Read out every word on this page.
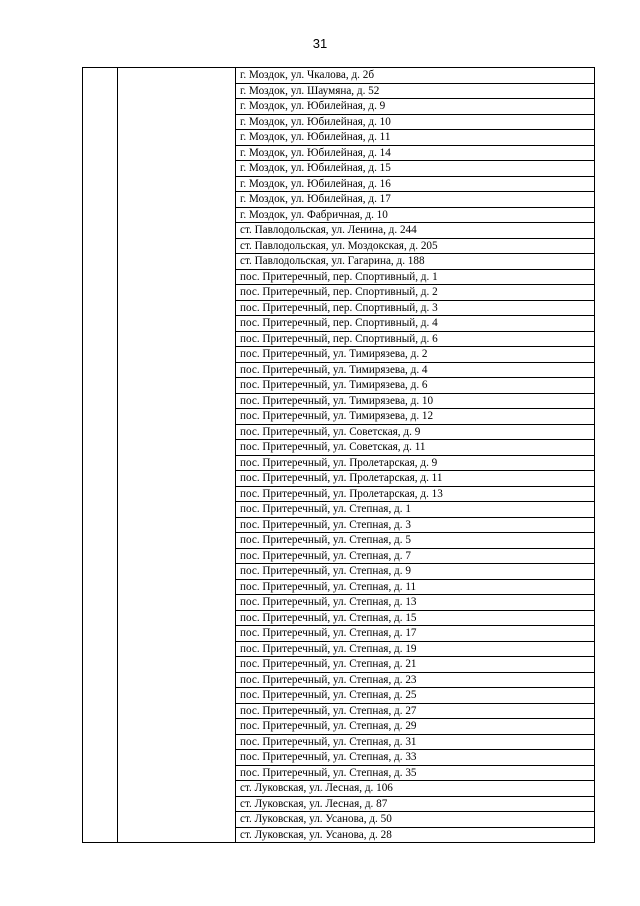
31
		г. Моздок, ул. Чкалова, д. 2б
г. Моздок, ул. Шаумяна, д. 52
г. Моздок, ул. Юбилейная, д. 9
г. Моздок, ул. Юбилейная, д. 10
г. Моздок, ул. Юбилейная, д. 11
г. Моздок, ул. Юбилейная, д. 14
г. Моздок, ул. Юбилейная, д. 15
г. Моздок, ул. Юбилейная, д. 16
г. Моздок, ул. Юбилейная, д. 17
г. Моздок, ул. Фабричная, д. 10
ст. Павлодольская, ул. Ленина, д. 244
ст. Павлодольская, ул. Моздокская, д. 205
ст. Павлодольская, ул. Гагарина, д. 188
пос. Притеречный, пер. Спортивный, д. 1
пос. Притеречный, пер. Спортивный, д. 2
пос. Притеречный, пер. Спортивный, д. 3
пос. Притеречный, пер. Спортивный, д. 4
пос. Притеречный, пер. Спортивный, д. 6
пос. Притеречный, ул. Тимирязева, д. 2
пос. Притеречный, ул. Тимирязева, д. 4
пос. Притеречный, ул. Тимирязева, д. 6
пос. Притеречный, ул. Тимирязева, д. 10
пос. Притеречный, ул. Тимирязева, д. 12
пос. Притеречный, ул. Советская, д. 9
пос. Притеречный, ул. Советская, д. 11
пос. Притеречный, ул. Пролетарская, д. 9
пос. Притеречный, ул. Пролетарская, д. 11
пос. Притеречный, ул. Пролетарская, д. 13
пос. Притеречный, ул. Степная, д. 1
пос. Притеречный, ул. Степная, д. 3
пос. Притеречный, ул. Степная, д. 5
пос. Притеречный, ул. Степная, д. 7
пос. Притеречный, ул. Степная, д. 9
пос. Притеречный, ул. Степная, д. 11
пос. Притеречный, ул. Степная, д. 13
пос. Притеречный, ул. Степная, д. 15
пос. Притеречный, ул. Степная, д. 17
пос. Притеречный, ул. Степная, д. 19
пос. Притеречный, ул. Степная, д. 21
пос. Притеречный, ул. Степная, д. 23
пос. Притеречный, ул. Степная, д. 25
пос. Притеречный, ул. Степная, д. 27
пос. Притеречный, ул. Степная, д. 29
пос. Притеречный, ул. Степная, д. 31
пос. Притеречный, ул. Степная, д. 33
пос. Притеречный, ул. Степная, д. 35
ст. Луковская, ул. Лесная, д. 106
ст. Луковская, ул. Лесная, д. 87
ст. Луковская, ул. Усанова, д. 50
ст. Луковская, ул. Усанова, д. 28
